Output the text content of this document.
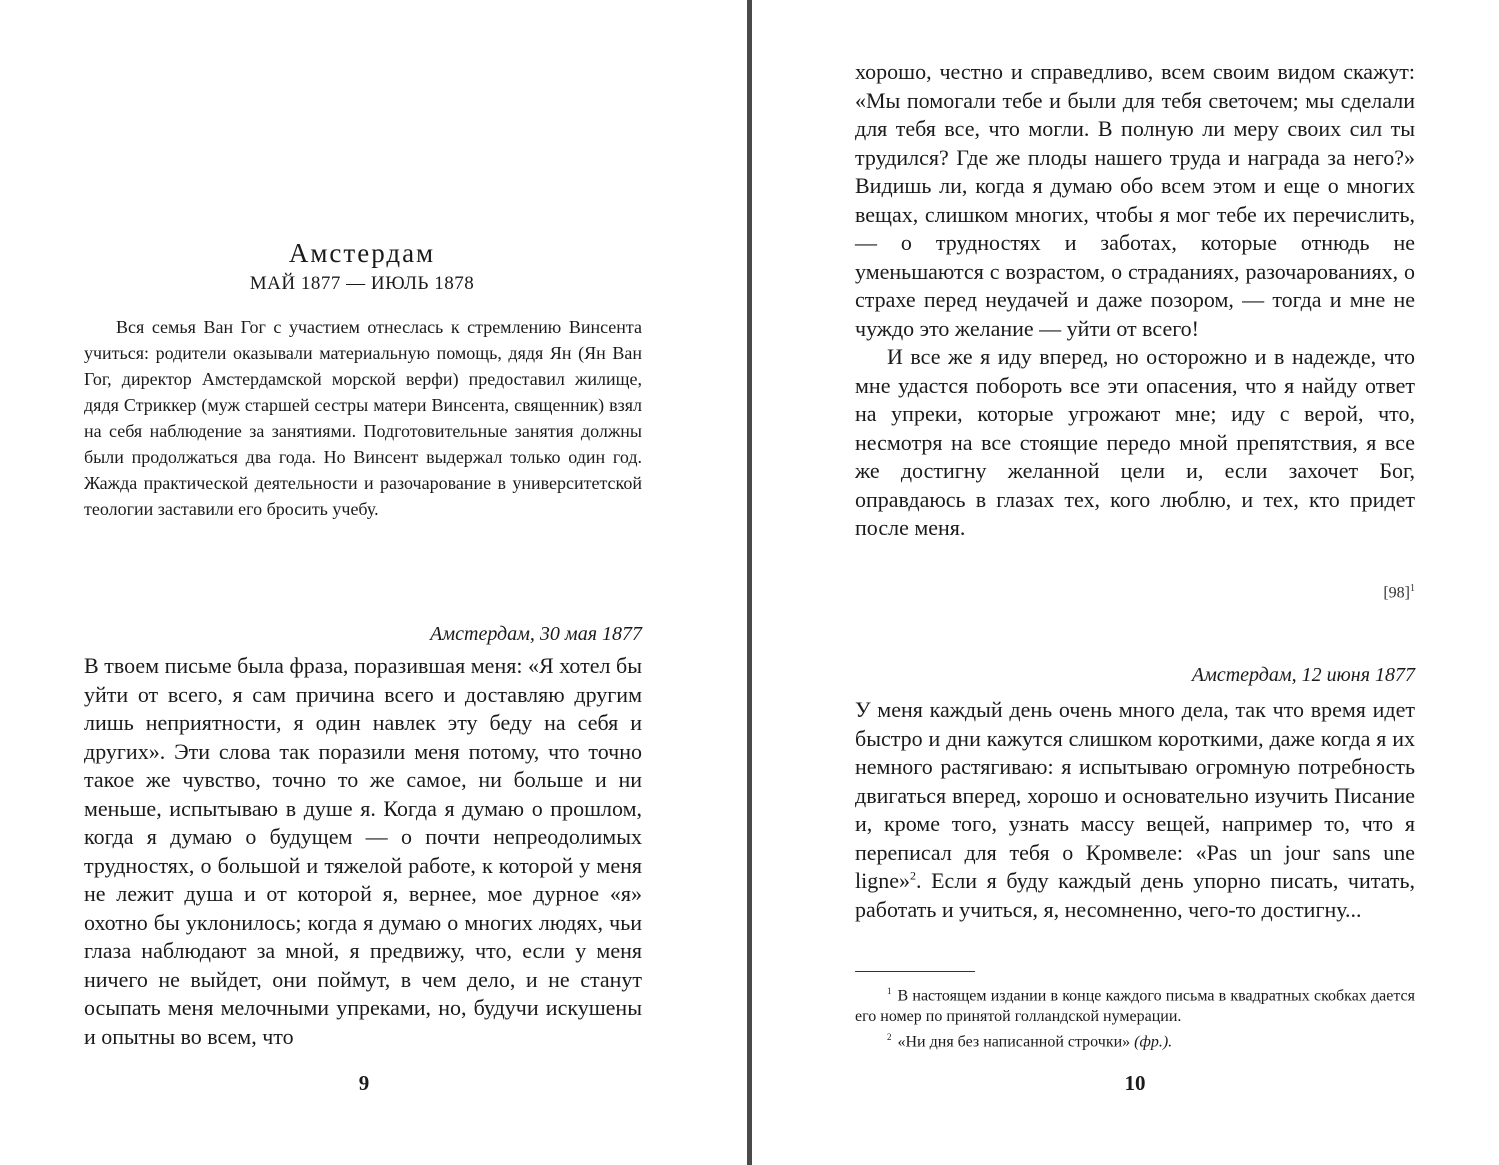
Амстердам
МАЙ 1877 — ИЮЛЬ 1878

Вся семья Ван Гог с участием отнеслась к стремлению Винсента учиться: родители оказывали материальную помощь, дядя Ян (Ян Ван Гог, директор Амстердамской морской верфи) предоставил жилище, дядя Стриккер (муж старшей сестры матери Винсента, священник) взял на себя наблюдение за занятиями. Подготовительные занятия должны были продолжаться два года. Но Винсент выдержал только один год. Жажда практической деятельности и разочарование в университетской теологии заставили его бросить учебу.

Амстердам, 30 мая 1877

В твоем письме была фраза, поразившая меня: «Я хотел бы уйти от всего, я сам причина всего и доставляю другим лишь неприятности, я один навлек эту беду на себя и других». Эти слова так поразили меня потому, что точно такое же чувство, точно то же самое, ни больше и ни меньше, испытываю в душе я. Когда я думаю о прошлом, когда я думаю о будущем — о почти непреодолимых трудностях, о большой и тяжелой работе, к которой у меня не лежит душа и от которой я, вернее, мое дурное «я» охотно бы уклонилось; когда я думаю о многих людях, чьи глаза наблюдают за мной, я предвижу, что, если у меня ничего не выйдет, они поймут, в чем дело, и не станут осыпать меня мелочными упреками, но, будучи искушены и опытны во всем, что

9

хорошо, честно и справедливо, всем своим видом скажут: «Мы помогали тебе и были для тебя светочем; мы сделали для тебя все, что могли. В полную ли меру своих сил ты трудился? Где же плоды нашего труда и награда за него?» Видишь ли, когда я думаю обо всем этом и еще о многих вещах, слишком многих, чтобы я мог тебе их перечислить, — о трудностях и заботах, которые отнюдь не уменьшаются с возрастом, о страданиях, разочарованиях, о страхе перед неудачей и даже позором, — тогда и мне не чуждо это желание — уйти от всего!

И все же я иду вперед, но осторожно и в надежде, что мне удастся побороть все эти опасения, что я найду ответ на упреки, которые угрожают мне; иду с верой, что, несмотря на все стоящие передо мной препятствия, я все же достигну желанной цели и, если захочет Бог, оправдаюсь в глазах тех, кого люблю, и тех, кто придет после меня.

$[98]^1$
Амстердам, 12 июня 1877

У меня каждый день очень много дела, так что время идет быстро и дни кажутся слишком короткими, даже когда я их немного растягиваю: я испытываю огромную потребность двигаться вперед, хорошо и основательно изучить Писание и, кроме того, узнать массу вещей, например то, что я переписал для тебя о Кромвеле: «Pas un jour sans une ligne»$^2$. Если я буду каждый день упорно писать, читать, работать и учиться, я, несомненно, чего-то достигну...

$^1$ В настоящем издании в конце каждого письма в квадратных скобках дается его номер по принятой голландской нумерации.

$^2$ «Ни дня без написанной строчки» (фр.).

10
